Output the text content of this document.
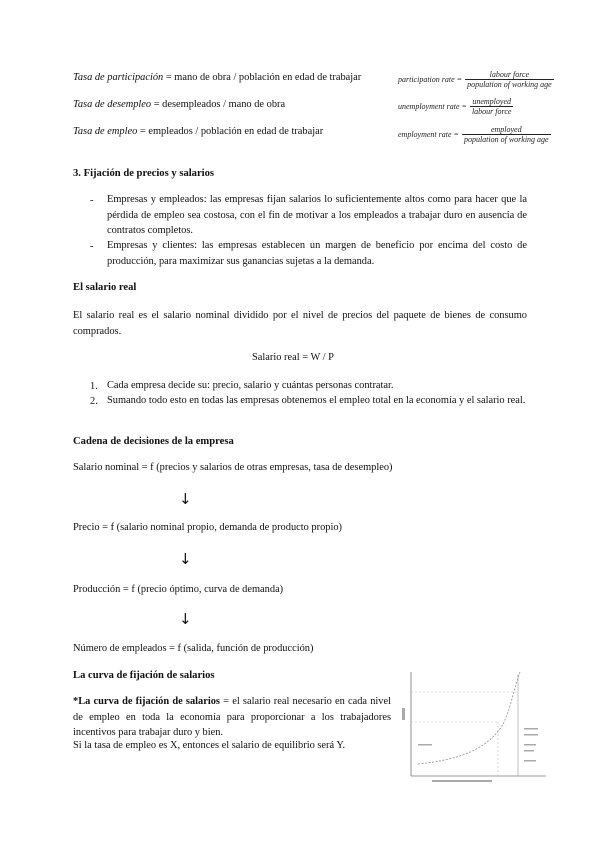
Tasa de participación = mano de obra / población en edad de trabajar
Tasa de desempleo = desempleados / mano de obra
Tasa de empleo = empleados / población en edad de trabajar
participation rate = $\frac{\text{labour force}}{\text{population of working age}}$
unemployment rate = $\frac{\text{unemployed}}{\text{labour force}}$
employment rate = $\frac{\text{employed}}{\text{population of working age}}$
3. Fijación de precios y salarios
- Empresas y empleados: las empresas fijan salarios lo suficientemente altos como para hacer que la pérdida de empleo sea costosa, con el fin de motivar a los empleados a trabajar duro en ausencia de contratos completos.
- Empresas y clientes: las empresas establecen un margen de beneficio por encima del costo de producción, para maximizar sus ganancias sujetas a la demanda.
El salario real
El salario real es el salario nominal dividido por el nivel de precios del paquete de bienes de consumo comprados.
Salario real = W / P
1. Cada empresa decide su: precio, salario y cuántas personas contratar.
2. Sumando todo esto en todas las empresas obtenemos el empleo total en la economía y el salario real.
Cadena de decisiones de la empresa
Salario nominal = f (precios y salarios de otras empresas, tasa de desempleo)
↓
Precio = f (salario nominal propio, demanda de producto propio)
↓
Producción = f (precio óptimo, curva de demanda)
↓
Número de empleados = f (salida, función de producción)
La curva de fijación de salarios
*La curva de fijación de salarios = el salario real necesario en cada nivel de empleo en toda la economía para proporcionar a los trabajadores incentivos para trabajar duro y bien.
Si la tasa de empleo es X, entonces el salario de equilibrio será Y.
